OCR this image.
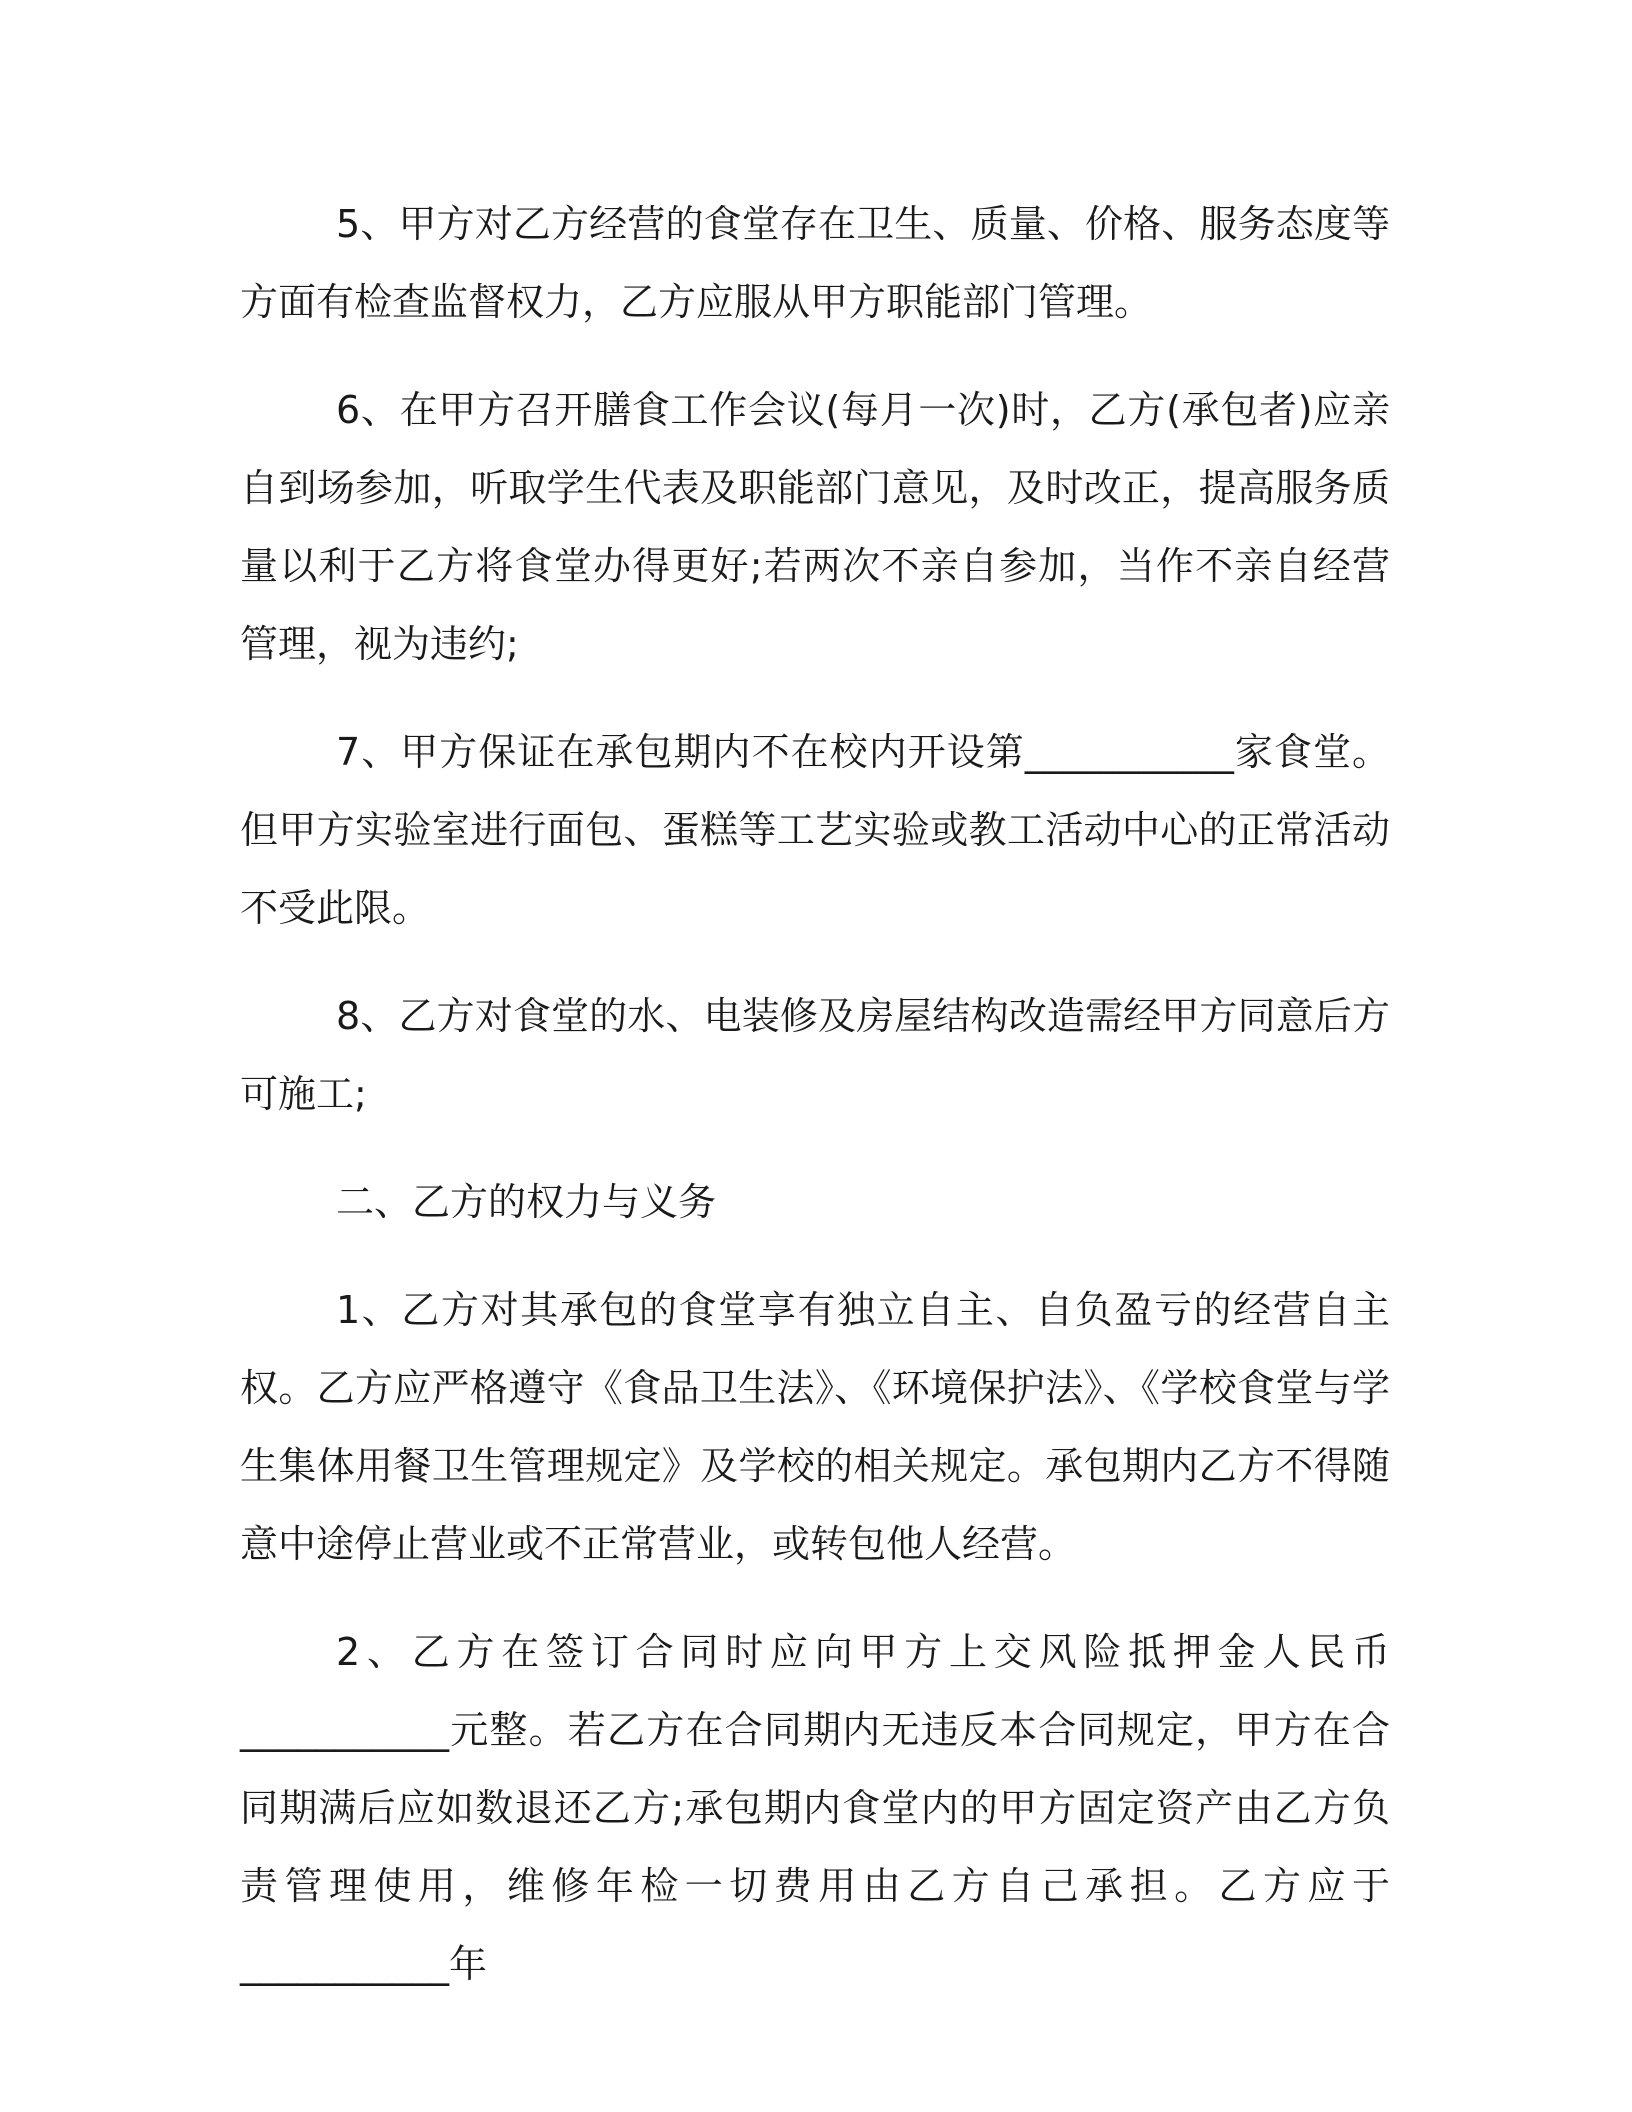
5、甲方对乙方经营的食堂存在卫生、质量、价格、服务态度等方面有检查监督权力，乙方应服从甲方职能部门管理。

6、在甲方召开膳食工作会议(每月一次)时，乙方(承包者)应亲自到场参加，听取学生代表及职能部门意见，及时改正，提高服务质量以利于乙方将食堂办得更好;若两次不亲自参加，当作不亲自经营管理，视为违约;

7、甲方保证在承包期内不在校内开设第___________家食堂。但甲方实验室进行面包、蛋糕等工艺实验或教工活动中心的正常活动不受此限。

8、乙方对食堂的水、电装修及房屋结构改造需经甲方同意后方可施工;

二、乙方的权力与义务

1、乙方对其承包的食堂享有独立自主、自负盈亏的经营自主权。乙方应严格遵守《食品卫生法》、《环境保护法》、《学校食堂与学生集体用餐卫生管理规定》及学校的相关规定。承包期内乙方不得随意中途停止营业或不正常营业，或转包他人经营。

2、乙方在签订合同时应向甲方上交风险抵押金人民币___________元整。若乙方在合同期内无违反本合同规定，甲方在合同期满后应如数退还乙方;承包期内食堂内的甲方固定资产由乙方负责管理使用，维修年检一切费用由乙方自己承担。乙方应于___________年
